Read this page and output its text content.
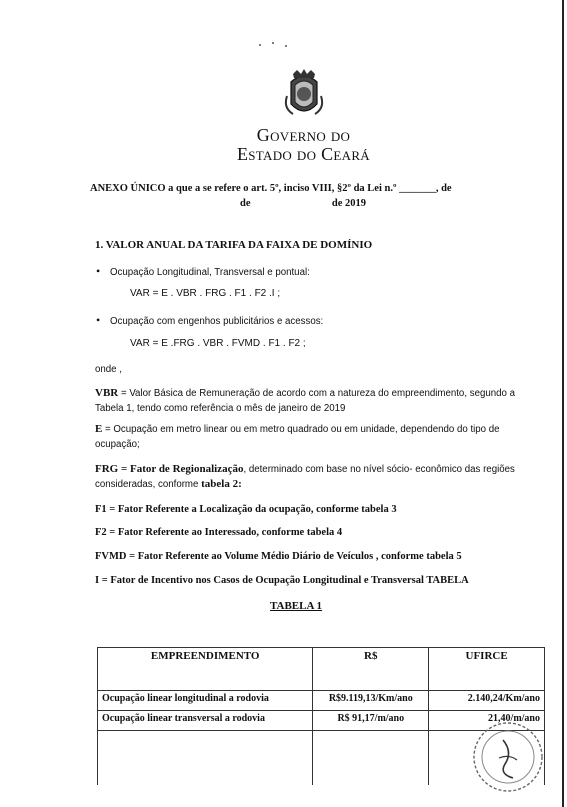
GOVERNO DO
ESTADO DO CEARÁ
ANEXO ÚNICO a que a se refere o art. 5º, inciso VIII, §2º da Lei n.º _______, de
de                               de 2019
1. VALOR ANUAL DA TARIFA DA FAIXA DE DOMÍNIO
• Ocupação Longitudinal, Transversal e pontual:
VAR = E . VBR . FRG . F1 . F2 .I ;
• Ocupação com engenhos publicitários e acessos:
VAR = E .FRG . VBR . FVMD . F1 . F2 ;
onde ,
VBR = Valor Básica de Remuneração de acordo com a natureza do empreendimento, segundo a Tabela 1, tendo como referência o mês de janeiro de 2019
E = Ocupação em metro linear ou em metro quadrado ou em unidade, dependendo do tipo de ocupação;
FRG = Fator de Regionalização, determinado com base no nível sócio- econômico das regiões consideradas, conforme tabela 2:
F1 = Fator Referente a Localização da ocupação, conforme tabela 3
F2 = Fator Referente ao Interessado, conforme tabela 4
FVMD = Fator Referente ao Volume Médio Diário de Veículos , conforme tabela 5
I = Fator de Incentivo nos Casos de Ocupação Longitudinal e Transversal TABELA
TABELA 1
EMPREENDIMENTO	R$	UFIRCE
Ocupação linear longitudinal a rodovia	R$9.119,13/Km/ano	2.140,24/Km/ano
Ocupação linear transversal a rodovia	R$ 91,17/m/ano	21,40/m/ano
